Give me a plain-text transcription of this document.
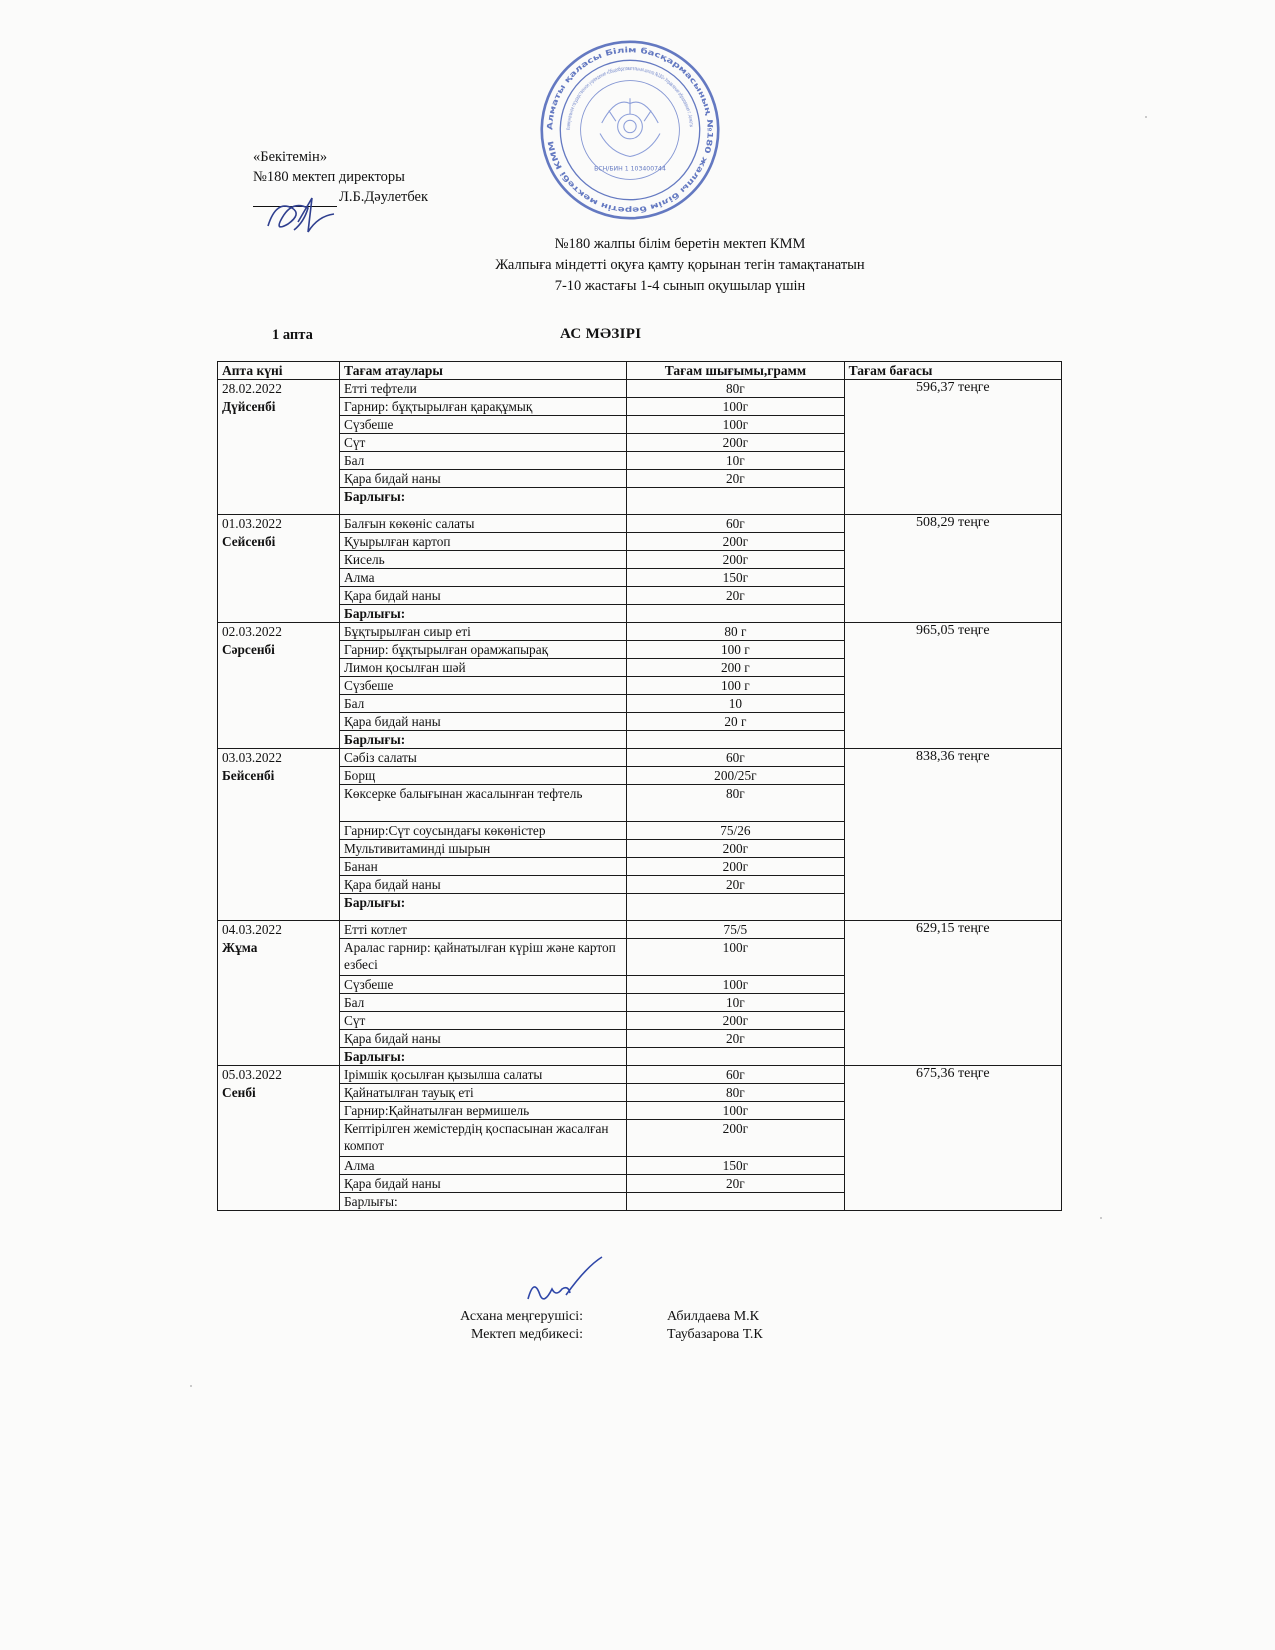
Алматы қаласы Білім басқармасының №180 жалпы білім беретін мектебі КММ
Коммунальное государственное учреждение «Общеобразовательная школа №180» Управления образования г. Алматы
БСН/БИН 1 103400744
«Бекітемін»
№180 мектеп директоры
Л.Б.Дәулетбек
№180 жалпы білім беретін мектеп КММ
Жалпыға міндетті оқуға қамту қорынан тегін тамақтанатын
7-10 жастағы 1-4 сынып оқушылар үшін
1 апта	АС МӘЗІРІ
Апта күні	Тағам атаулары	Тағам шығымы,грамм	Тағам бағасы
28.02.2022
Дүйсенбі	Етті тефтели	80г	596,37 теңге
	Гарнир: бұқтырылған қарақұмық	100г	
	Сүзбеше	100г	
	Сүт	200г	
	Бал	10г	
	Қара бидай наны	20г	
	Барлығы:		
01.03.2022
Сейсенбі	Балғын көкөніс салаты	60г	508,29 теңге
	Қуырылған картоп	200г	
	Кисель	200г	
	Алма	150г	
	Қара бидай наны	20г	
	Барлығы:		
02.03.2022
Сәрсенбі	Бұқтырылған сиыр еті	80 г	965,05 теңге
	Гарнир: бұқтырылған орамжапырақ	100 г	
	Лимон қосылған шәй	200 г	
	Сүзбеше	100 г	
	Бал	10	
	Қара бидай наны	20 г	
	Барлығы:		
03.03.2022
Бейсенбі	Сәбіз салаты	60г	838,36 теңге
	Борщ	200/25г	
	Көксерке балығынан жасалынған тефтель	80г	
	Гарнир:Сүт соусындағы көкөністер	75/26	
	Мультивитаминді шырын	200г	
	Банан	200г	
	Қара бидай наны	20г	
	Барлығы:		
04.03.2022
Жұма	Етті котлет	75/5	629,15 теңге
	Аралас гарнир: қайнатылған күріш және картоп езбесі	100г	
	Сүзбеше	100г	
	Бал	10г	
	Сүт	200г	
	Қара бидай наны	20г	
	Барлығы:		
05.03.2022
Сенбі	Ірімшік қосылған қызылша салаты	60г	675,36 теңге
	Қайнатылған тауық еті	80г	
	Гарнир:Қайнатылған вермишель	100г	
	Кептірілген жемістердің қоспасынан жасалған компот	200г	
	Алма	150г	
	Қара бидай наны	20г	
	Барлығы:		
Асхана меңгерушісі:	Абилдаева М.К
Мектеп медбикесі:	Таубазарова Т.К
